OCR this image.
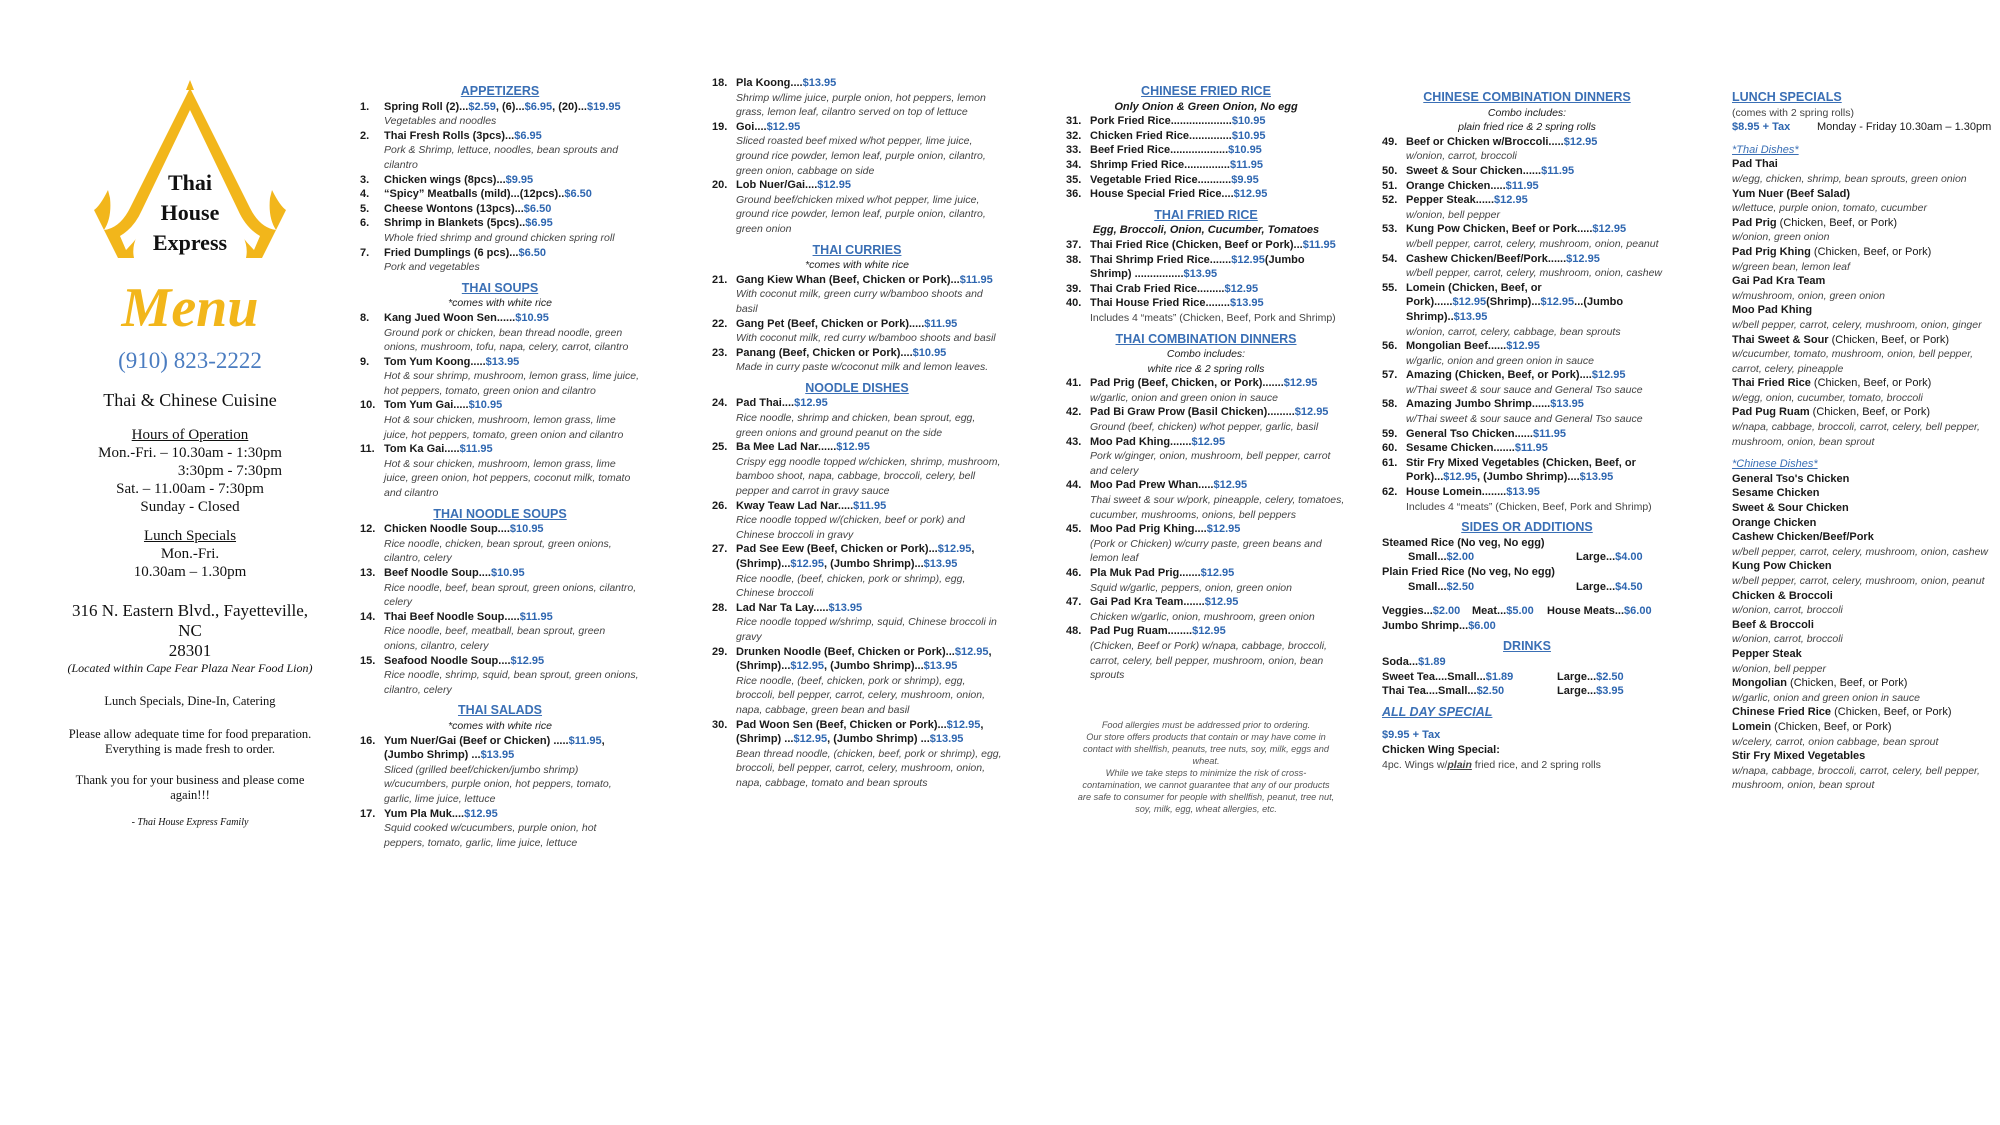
Thai
House
Express
Menu
(910) 823-2222
Thai & Chinese Cuisine
Hours of Operation
Mon.-Fri. – 10.30am - 1:30pm
3:30pm - 7:30pm
Sat. – 11.00am - 7:30pm
Sunday - Closed
Lunch Specials
Mon.-Fri.
10.30am – 1.30pm
316 N. Eastern Blvd., Fayetteville, NC
28301
(Located within Cape Fear Plaza Near Food Lion)
Lunch Specials, Dine-In, Catering
Please allow adequate time for food preparation.
Everything is made fresh to order.
Thank you for your business and please come again!!!
- Thai House Express Family
APPETIZERS
1.	Spring Roll (2)...$2.59, (6)...$6.95, (20)...$19.95
Vegetables and noodles
2.	Thai Fresh Rolls (3pcs)...$6.95
Pork & Shrimp, lettuce, noodles, bean sprouts and cilantro
3.	Chicken wings (8pcs)...$9.95
4.	“Spicy” Meatballs (mild)...(12pcs)..$6.50
5.	Cheese Wontons (13pcs)...$6.50
6.	Shrimp in Blankets (5pcs)..$6.95
Whole fried shrimp and ground chicken spring roll
7.	Fried Dumplings (6 pcs)...$6.50
Pork and vegetables
THAI SOUPS
*comes with white rice
8.	Kang Jued Woon Sen......$10.95
Ground pork or chicken, bean thread noodle, green onions, mushroom, tofu, napa, celery, carrot, cilantro
9.	Tom Yum Koong.....$13.95
Hot & sour shrimp, mushroom, lemon grass, lime juice, hot peppers, tomato, green onion and cilantro
10. Tom Yum Gai.....$10.95
Hot & sour chicken, mushroom, lemon grass, lime juice, hot peppers, tomato, green onion and cilantro
11. Tom Ka Gai.....$11.95
Hot & sour chicken, mushroom, lemon grass, lime juice, green onion, hot peppers, coconut milk, tomato and cilantro
THAI NOODLE SOUPS
12. Chicken Noodle Soup....$10.95
Rice noodle, chicken, bean sprout, green onions, cilantro, celery
13. Beef Noodle Soup....$10.95
Rice noodle, beef, bean sprout, green onions, cilantro, celery
14. Thai Beef Noodle Soup.....$11.95
Rice noodle, beef, meatball, bean sprout, green onions, cilantro, celery
15. Seafood Noodle Soup....$12.95
Rice noodle, shrimp, squid, bean sprout, green onions, cilantro, celery
THAI SALADS
*comes with white rice
16. Yum Nuer/Gai (Beef or Chicken) .....$11.95, (Jumbo Shrimp) ...$13.95
Sliced (grilled beef/chicken/jumbo shrimp) w/cucumbers, purple onion, hot peppers, tomato, garlic, lime juice, lettuce
17. Yum Pla Muk....$12.95
Squid cooked w/cucumbers, purple onion, hot peppers, tomato, garlic, lime juice, lettuce
18. Pla Koong....$13.95
Shrimp w/lime juice, purple onion, hot peppers, lemon grass, lemon leaf, cilantro served on top of lettuce
19. Goi....$12.95
Sliced roasted beef mixed w/hot pepper, lime juice, ground rice powder, lemon leaf, purple onion, cilantro, green onion, cabbage on side
20. Lob Nuer/Gai....$12.95
Ground beef/chicken mixed w/hot pepper, lime juice, ground rice powder, lemon leaf, purple onion, cilantro, green onion
THAI CURRIES
*comes with white rice
21. Gang Kiew Whan (Beef, Chicken or Pork)...$11.95
With coconut milk, green curry w/bamboo shoots and basil
22. Gang Pet (Beef, Chicken or Pork).....$11.95
With coconut milk, red curry w/bamboo shoots and basil
23. Panang (Beef, Chicken or Pork)....$10.95
Made in curry paste w/coconut milk and lemon leaves.
NOODLE DISHES
24. Pad Thai....$12.95
Rice noodle, shrimp and chicken, bean sprout, egg, green onions and ground peanut on the side
25. Ba Mee Lad Nar......$12.95
Crispy egg noodle topped w/chicken, shrimp, mushroom, bamboo shoot, napa, cabbage, broccoli, celery, bell pepper and carrot in gravy sauce
26. Kway Teaw Lad Nar.....$11.95
Rice noodle topped w/(chicken, beef or pork) and Chinese broccoli in gravy
27. Pad See Eew (Beef, Chicken or Pork)...$12.95, (Shrimp)...$12.95, (Jumbo Shrimp)...$13.95
Rice noodle, (beef, chicken, pork or shrimp), egg, Chinese broccoli
28. Lad Nar Ta Lay.....$13.95
Rice noodle topped w/shrimp, squid, Chinese broccoli in gravy
29. Drunken Noodle (Beef, Chicken or Pork)...$12.95, (Shrimp)...$12.95, (Jumbo Shrimp)...$13.95
Rice noodle, (beef, chicken, pork or shrimp), egg, broccoli, bell pepper, carrot, celery, mushroom, onion, napa, cabbage, green bean and basil
30. Pad Woon Sen (Beef, Chicken or Pork)...$12.95, (Shrimp) ...$12.95, (Jumbo Shrimp) ...$13.95
Bean thread noodle, (chicken, beef, pork or shrimp), egg, broccoli, bell pepper, carrot, celery, mushroom, onion, napa, cabbage, tomato and bean sprouts
CHINESE FRIED RICE
Only Onion & Green Onion, No egg
31. Pork Fried Rice....................$10.95
32. Chicken Fried Rice..............$10.95
33. Beef Fried Rice...................$10.95
34. Shrimp Fried Rice...............$11.95
35. Vegetable Fried Rice...........$9.95
36. House Special Fried Rice....$12.95
THAI FRIED RICE
Egg, Broccoli, Onion, Cucumber, Tomatoes
37. Thai Fried Rice (Chicken, Beef or Pork)...$11.95
38. Thai Shrimp Fried Rice.......$12.95(Jumbo Shrimp) ................$13.95
39. Thai Crab Fried Rice.........$12.95
40. Thai House Fried Rice........$13.95
Includes 4 “meats” (Chicken, Beef, Pork and Shrimp)
THAI COMBINATION DINNERS
Combo includes:
white rice & 2 spring rolls
41. Pad Prig (Beef, Chicken, or Pork).......$12.95
w/garlic, onion and green onion in sauce
42. Pad Bi Graw Prow (Basil Chicken).........$12.95
Ground (beef, chicken) w/hot pepper, garlic, basil
43. Moo Pad Khing.......$12.95
Pork w/ginger, onion, mushroom, bell pepper, carrot and celery
44. Moo Pad Prew Whan.....$12.95
Thai sweet & sour w/pork, pineapple, celery, tomatoes, cucumber, mushrooms, onions, bell peppers
45. Moo Pad Prig Khing....$12.95
(Pork or Chicken) w/curry paste, green beans and lemon leaf
46. Pla Muk Pad Prig.......$12.95
Squid w/garlic, peppers, onion, green onion
47. Gai Pad Kra Team.......$12.95
Chicken w/garlic, onion, mushroom, green onion
48. Pad Pug Ruam........$12.95
(Chicken, Beef or Pork) w/napa, cabbage, broccoli, carrot, celery, bell pepper, mushroom, onion, bean sprouts
Food allergies must be addressed prior to ordering.
Our store offers products that contain or may have come in
contact with shellfish, peanuts, tree nuts, soy, milk, eggs and
wheat.
While we take steps to minimize the risk of cross-
contamination, we cannot guarantee that any of our products
are safe to consumer for people with shellfish, peanut, tree nut,
soy, milk, egg, wheat allergies, etc.
CHINESE COMBINATION DINNERS
Combo includes:
plain fried rice & 2 spring rolls
49. Beef or Chicken w/Broccoli.....$12.95
w/onion, carrot, broccoli
50. Sweet & Sour Chicken......$11.95
51. Orange Chicken.....$11.95
52. Pepper Steak......$12.95
w/onion, bell pepper
53. Kung Pow Chicken, Beef or Pork.....$12.95
w/bell pepper, carrot, celery, mushroom, onion, peanut
54. Cashew Chicken/Beef/Pork......$12.95
w/bell pepper, carrot, celery, mushroom, onion, cashew
55. Lomein (Chicken, Beef, or Pork)......$12.95(Shrimp)...$12.95...(Jumbo Shrimp)..$13.95
w/onion, carrot, celery, cabbage, bean sprouts
56. Mongolian Beef......$12.95
w/garlic, onion and green onion in sauce
57. Amazing (Chicken, Beef, or Pork)....$12.95
w/Thai sweet & sour sauce and General Tso sauce
58. Amazing Jumbo Shrimp......$13.95
w/Thai sweet & sour sauce and General Tso sauce
59. General Tso Chicken......$11.95
60. Sesame Chicken.......$11.95
61. Stir Fry Mixed Vegetables (Chicken, Beef, or Pork)...$12.95, (Jumbo Shrimp)....$13.95
62. House Lomein........$13.95
Includes 4 “meats” (Chicken, Beef, Pork and Shrimp)
SIDES OR ADDITIONS
Steamed Rice (No veg, No egg)
Small...$2.00	Large...$4.00
Plain Fried Rice (No veg, No egg)
Small...$2.50	Large...$4.50
Veggies...$2.00	Meat...$5.00	House Meats...$6.00
Jumbo Shrimp...$6.00
DRINKS
Soda...$1.89
Sweet Tea....Small...$1.89	Large...$2.50
Thai Tea....Small...$2.50	Large...$3.95
ALL DAY SPECIAL
$9.95 + Tax
Chicken Wing Special:
4pc. Wings w/plain fried rice, and 2 spring rolls
LUNCH SPECIALS
(comes with 2 spring rolls)
$8.95 + Tax	Monday - Friday 10.30am – 1.30pm
*Thai Dishes*
Pad Thai
w/egg, chicken, shrimp, bean sprouts, green onion
Yum Nuer (Beef Salad)
w/lettuce, purple onion, tomato, cucumber
Pad Prig (Chicken, Beef, or Pork)
w/onion, green onion
Pad Prig Khing (Chicken, Beef, or Pork)
w/green bean, lemon leaf
Gai Pad Kra Team
w/mushroom, onion, green onion
Moo Pad Khing
w/bell pepper, carrot, celery, mushroom, onion, ginger
Thai Sweet & Sour (Chicken, Beef, or Pork)
w/cucumber, tomato, mushroom, onion, bell pepper, carrot, celery, pineapple
Thai Fried Rice (Chicken, Beef, or Pork)
w/egg, onion, cucumber, tomato, broccoli
Pad Pug Ruam (Chicken, Beef, or Pork)
w/napa, cabbage, broccoli, carrot, celery, bell pepper, mushroom, onion, bean sprout
*Chinese Dishes*
General Tso's Chicken
Sesame Chicken
Sweet & Sour Chicken
Orange Chicken
Cashew Chicken/Beef/Pork
w/bell pepper, carrot, celery, mushroom, onion, cashew
Kung Pow Chicken
w/bell pepper, carrot, celery, mushroom, onion, peanut
Chicken & Broccoli
w/onion, carrot, broccoli
Beef & Broccoli
w/onion, carrot, broccoli
Pepper Steak
w/onion, bell pepper
Mongolian (Chicken, Beef, or Pork)
w/garlic, onion and green onion in sauce
Chinese Fried Rice (Chicken, Beef, or Pork)
Lomein (Chicken, Beef, or Pork)
w/celery, carrot, onion cabbage, bean sprout
Stir Fry Mixed Vegetables
w/napa, cabbage, broccoli, carrot, celery, bell pepper, mushroom, onion, bean sprout
